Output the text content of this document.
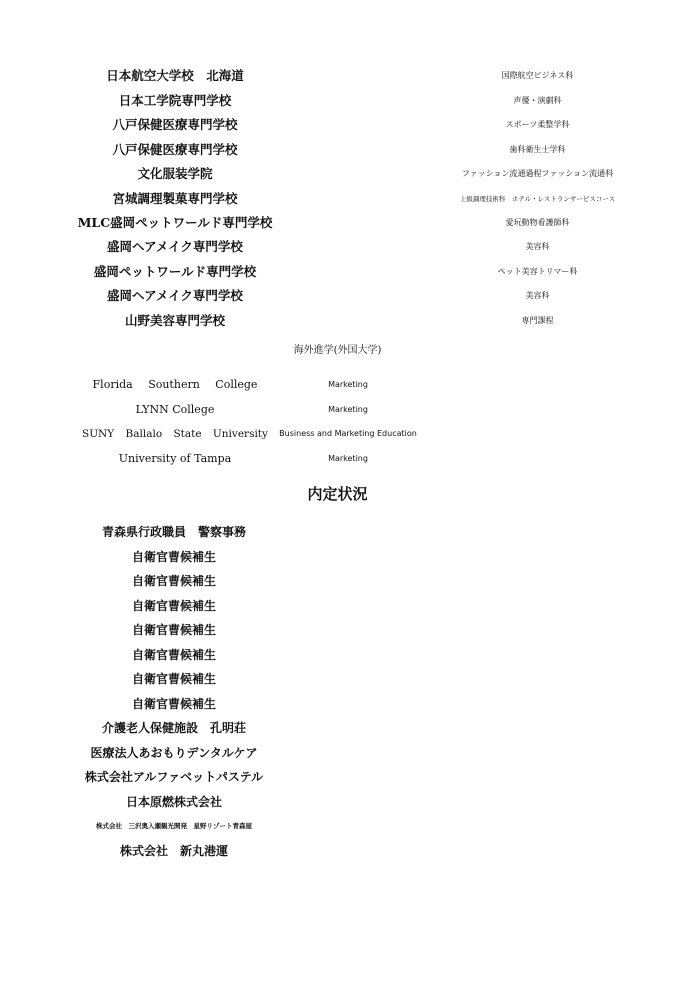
日本航空大学校　北海道	国際航空ビジネス科
日本工学院専門学校	声優・演劇科
八戸保健医療専門学校	スポーツ柔整学科
八戸保健医療専門学校	歯科衛生士学科
文化服装学院	ファッション流通過程ファッション流通科
宮城調理製菓専門学校	上級調理技術科　ホテル・レストランサービスコース
MLC盛岡ペットワールド専門学校	愛玩動物看護師科
盛岡ヘアメイク専門学校	美容科
盛岡ペットワールド専門学校	ペット美容トリマー科
盛岡ヘアメイク専門学校	美容科
山野美容専門学校	専門課程
海外進学(外国大学)
Florida Southern College	Marketing
LYNN College	Marketing
SUNY Ballalo State University	Business and Marketing Education
University of Tampa	Marketing
内定状況
青森県行政職員　警察事務
自衛官曹候補生
自衛官曹候補生
自衛官曹候補生
自衛官曹候補生
自衛官曹候補生
自衛官曹候補生
自衛官曹候補生
介護老人保健施設　孔明荘
医療法人あおもりデンタルケア
株式会社アルファベットパステル
日本原燃株式会社
株式会社　三沢奥入瀬観光開発　星野リゾート青森屋
株式会社　新丸港運
